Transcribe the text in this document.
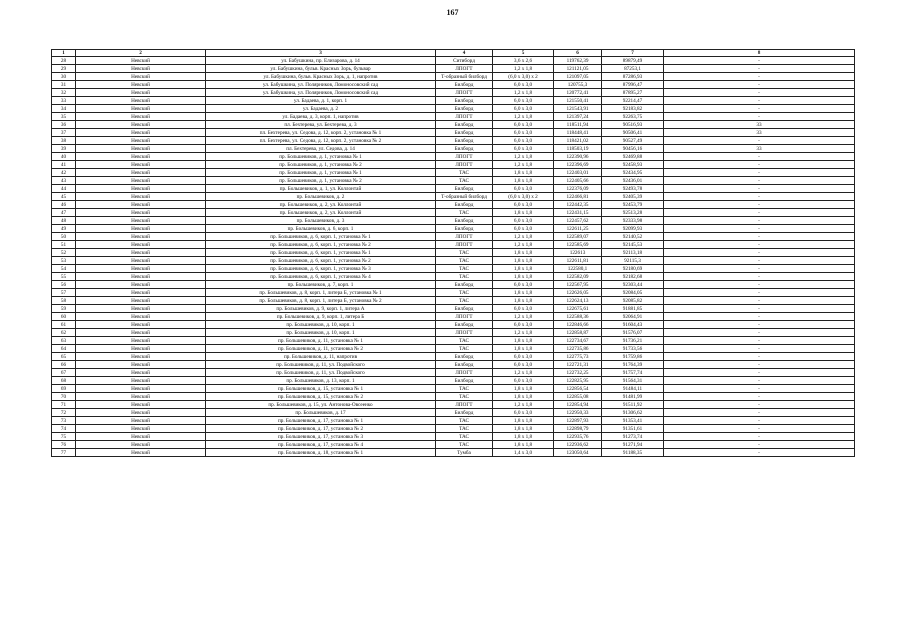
167
1	2	3	4	5	6	7	8
28	Невский	ул. Бабушкина, пр. Елизарова, д. 14	Ситиборд	3,6 х 2,6	119762,39	89879,49	-
29	Невский	ул. Бабушкина, бульв. Красных Зорь, бульвар	ЛПОГТ	1,2 х 1,8	121121,05	87253,1	-
30	Невский	ул. Бабушкина, бульв. Красных Зорь, д. 1, напротив	Т-образный билборд	(6,0 х 3,0) х 2	121097,05	87286,93	-
31	Невский	ул. Бабушкина, ул. Полярников, Ломоносовский сад	Билборд	6,0 х 3,0	120755,3	87996,47	-
32	Невский	ул. Бабушкина, ул. Полярников, Ломоносовский сад	ЛПОГТ	1,2 х 1,8	120772,41	87895,27	-
33	Невский	ул. Бадаева, д. 1, корп. 1	Билборд	6,0 х 3,0	121550,41	92214,47	-
34	Невский	ул. Бадаева, д. 2	Билборд	6,0 х 3,0	121543,91	92183,82	-
35	Невский	ул. Бадаева, д. 3, корп. 1, напротив	ЛПОГТ	1,2 х 1,8	121397,24	92263,75	-
36	Невский	пл. Бехтерева, ул. Бехтерева, д. 3	Билборд	6,0 х 3,0	118511,94	90516,93	33
37	Невский	пл. Бехтерева, ул. Седова, д. 12, корп. 2, установка № 1	Билборд	6,0 х 3,0	118448,41	90506,41	33
38	Невский	пл. Бехтерева, ул. Седова, д. 12, корп. 2, установка № 2	Билборд	6,0 х 3,0	118421,02	90527,49	-
39	Невский	пл. Бехтерева, ул. Седова, д. 14	Билборд	6,0 х 3,0	118503,19	90456,16	33
40	Невский	пр. Большевиков, д. 1, установка № 1	ЛПОГТ	1,2 х 1,8	122390,96	92469,88	-
41	Невский	пр. Большевиков, д. 1, установка № 2	ЛПОГТ	1,2 х 1,8	122396,69	92458,93	-
42	Невский	пр. Большевиков, д. 1, установка № 1	ТАС	1,8 х 1,8	122403,01	92434,95	-
43	Невский	пр. Большевиков, д. 1, установка № 2	ТАС	1,8 х 1,8	122405,66	92436,01	-
44	Невский	пр. Большевиков, д. 1, ул. Коллонтай	Билборд	6,0 х 3,0	122376,09	92493,78	-
45	Невский	пр. Большевиков, д. 2	Т-образный билборд	(6,0 х 3,0) х 2	122466,81	92405,39	-
46	Невский	пр. Большевиков, д. 2, ул. Коллонтай	Билборд	6,0 х 3,0	122442,35	92453,79	-
47	Невский	пр. Большевиков, д. 2, ул. Коллонтай	ТАС	1,8 х 1,8	122431,15	92513,28	-
48	Невский	пр. Большевиков, д. 3	Билборд	6,0 х 3,0	122457,62	92333,98	-
49	Невский	пр. Большевиков, д. 6, корп. 1	Билборд	6,0 х 3,0	122611,25	92099,93	-
50	Невский	пр. Большевиков, д. 6, корп. 1, установка № 1	ЛПОГТ	1,2 х 1,8	122589,07	92140,52	-
51	Невский	пр. Большевиков, д. 6, корп. 1, установка № 2	ЛПОГТ	1,2 х 1,8	122585,69	92145,53	-
52	Невский	пр. Большевиков, д. 6, корп. 1, установка № 1	ТАС	1,8 х 1,8	122613	92113,18	-
53	Невский	пр. Большевиков, д. 6, корп. 1, установка № 2	ТАС	1,8 х 1,8	122611,81	92115,3	-
54	Невский	пр. Большевиков, д. 6, корп. 1, установка № 3	ТАС	1,8 х 1,8	122580,1	92180,69	-
55	Невский	пр. Большевиков, д. 6, корп. 1, установка № 4	ТАС	1,8 х 1,8	122582,09	92182,68	-
56	Невский	пр. Большевиков, д. 7, корп. 1	Билборд	6,0 х 3,0	122567,95	92303,44	-
57	Невский	пр. Большевиков, д. 8, корп. 1, литера Б, установка № 1	ТАС	1,8 х 1,8	122626,05	92084,05	-
58	Невский	пр. Большевиков, д. 8, корп. 1, литера Б, установка № 2	ТАС	1,8 х 1,8	122624,13	92085,82	-
59	Невский	пр. Большевиков, д. 9, корп. 1, литера А	Билборд	6,0 х 3,0	122675,61	91881,85	-
60	Невский	пр. Большевиков, д. 9, корп. 1, литера Б	ЛПОГТ	1,2 х 1,8	122588,36	92064,91	-
61	Невский	пр. Большевиков, д. 10, корп. 1	Билборд	6,0 х 3,0	122846,66	91604,43	-
62	Невский	пр. Большевиков, д. 10, корп. 1	ЛПОГТ	1,2 х 1,8	122858,87	91576,07	-
63	Невский	пр. Большевиков, д. 11, установка № 1	ТАС	1,8 х 1,8	122734,67	91736,21	-
64	Невский	пр. Большевиков, д. 11, установка № 2	ТАС	1,8 х 1,8	122735,86	91733,56	-
65	Невский	пр. Большевиков, д. 11, напротив	Билборд	6,0 х 3,0	122775,73	91759,86	-
66	Невский	пр. Большевиков, д. 11, ул. Подвойского	Билборд	6,0 х 3,0	122721,31	91764,39	-
67	Невский	пр. Большевиков, д. 11, ул. Подвойского	ЛПОГТ	1,2 х 1,8	122732,25	91757,74	-
68	Невский	пр. Большевиков, д. 13, корп. 1	Билборд	6,0 х 3,0	122825,95	91564,31	-
69	Невский	пр. Большевиков, д. 15, установка № 1	ТАС	1,8 х 1,8	122856,54	91484,11	-
70	Невский	пр. Большевиков, д. 15, установка № 2	ТАС	1,8 х 1,8	122855,08	91481,99	-
71	Невский	пр. Большевиков, д. 15, ул. Антонова-Овсеенко	ЛПОГТ	1,2 х 1,8	122854,94	91511,92	-
72	Невский	пр. Большевиков, д. 17	Билборд	6,0 х 3,0	122950,33	91306,62	-
73	Невский	пр. Большевиков, д. 17, установка № 1	ТАС	1,8 х 1,8	122897,93	91353,41	-
74	Невский	пр. Большевиков, д. 17, установка № 2	ТАС	1,8 х 1,8	122898,79	91351,61	-
75	Невский	пр. Большевиков, д. 17, установка № 3	ТАС	1,8 х 1,8	122935,76	91273,74	-
76	Невский	пр. Большевиков, д. 17, установка № 4	ТАС	1,8 х 1,8	122936,62	91271,94	-
77	Невский	пр. Большевиков, д. 18, установка № 1	Тумба	1,4 х 3,0	123050,64	91188,35	-
